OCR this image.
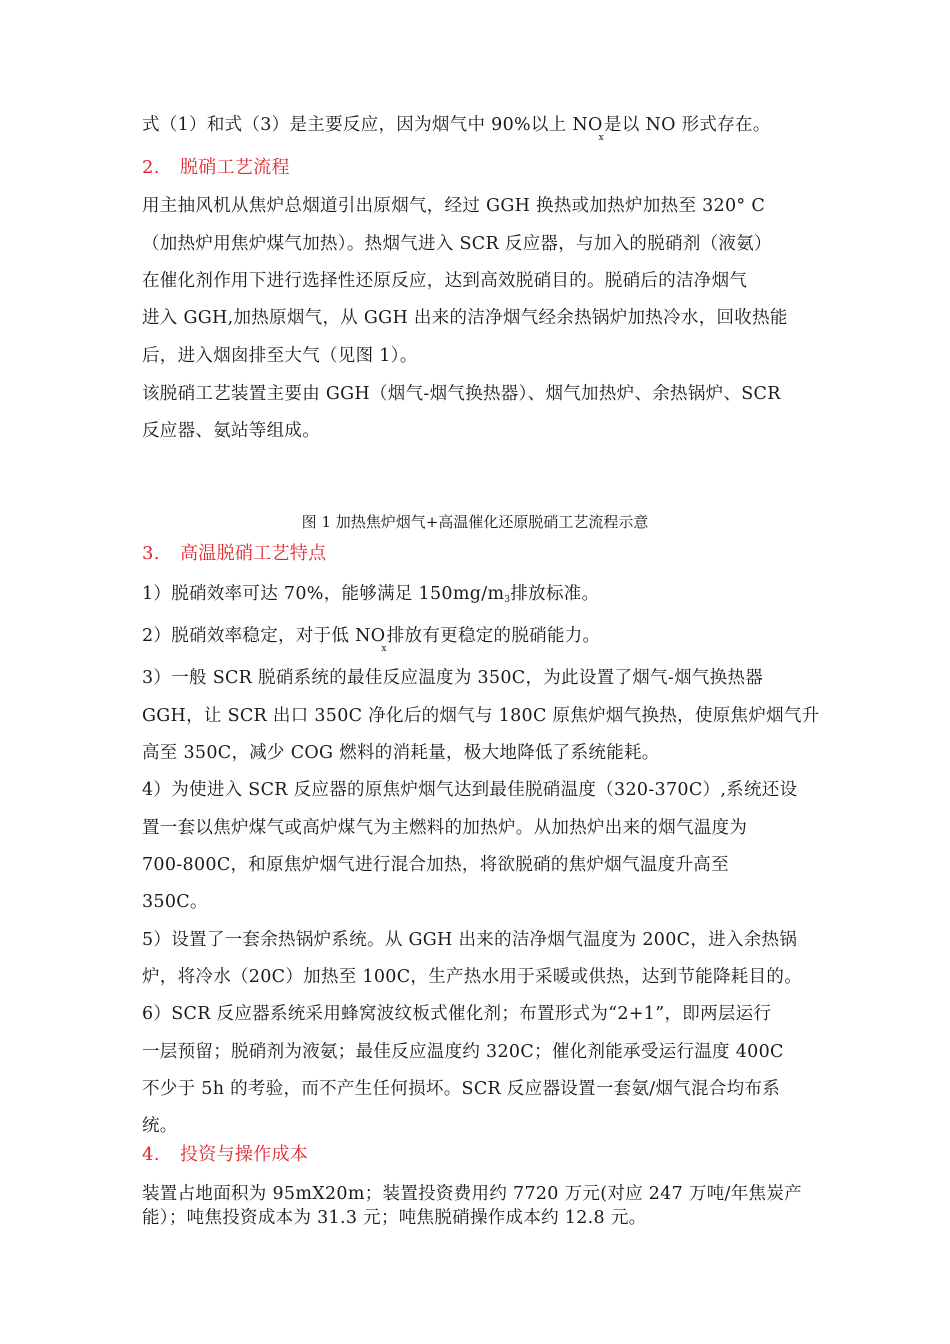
式（1）和式（3）是主要反应，因为烟气中 90%以上 $NO_x$是以 NO 形式存在。
2. 脱硝工艺流程
用主抽风机从焦炉总烟道引出原烟气，经过 GGH 换热或加热炉加热至 320° C
（加热炉用焦炉煤气加热）。热烟气进入 SCR 反应器，与加入的脱硝剂（液氨）
在催化剂作用下进行选择性还原反应，达到高效脱硝目的。脱硝后的洁净烟气
进入 GGH,加热原烟气，从 GGH 出来的洁净烟气经余热锅炉加热冷水，回收热能
后，进入烟囱排至大气（见图 1）。
该脱硝工艺装置主要由 GGH（烟气-烟气换热器）、烟气加热炉、余热锅炉、SCR
反应器、氨站等组成。
图 1 加热焦炉烟气+高温催化还原脱硝工艺流程示意
3. 高温脱硝工艺特点
1）脱硝效率可达 70%，能够满足 150mg/m3排放标准。
2）脱硝效率稳定，对于低 $NO_x$排放有更稳定的脱硝能力。
3）一般 SCR 脱硝系统的最佳反应温度为 350C，为此设置了烟气-烟气换热器
GGH，让 SCR 出口 350C 净化后的烟气与 180C 原焦炉烟气换热，使原焦炉烟气升
高至 350C，减少 COG 燃料的消耗量，极大地降低了系统能耗。
4）为使进入 SCR 反应器的原焦炉烟气达到最佳脱硝温度（320-370C）,系统还设
置一套以焦炉煤气或高炉煤气为主燃料的加热炉。从加热炉出来的烟气温度为
700-800C，和原焦炉烟气进行混合加热，将欲脱硝的焦炉烟气温度升高至
350C。
5）设置了一套余热锅炉系统。从 GGH 出来的洁净烟气温度为 200C，进入余热锅
炉，将冷水（20C）加热至 100C，生产热水用于采暖或供热，达到节能降耗目的。
6）SCR 反应器系统采用蜂窝波纹板式催化剂；布置形式为“2+1”，即两层运行
一层预留；脱硝剂为液氨；最佳反应温度约 320C；催化剂能承受运行温度 400C
不少于 5h 的考验，而不产生任何损坏。SCR 反应器设置一套氨/烟气混合均布系
统。
4. 投资与操作成本
装置占地面积为 95mX20m；装置投资费用约 7720 万元(对应 247 万吨/年焦炭产
能）；吨焦投资成本为 31.3 元；吨焦脱硝操作成本约 12.8 元。
